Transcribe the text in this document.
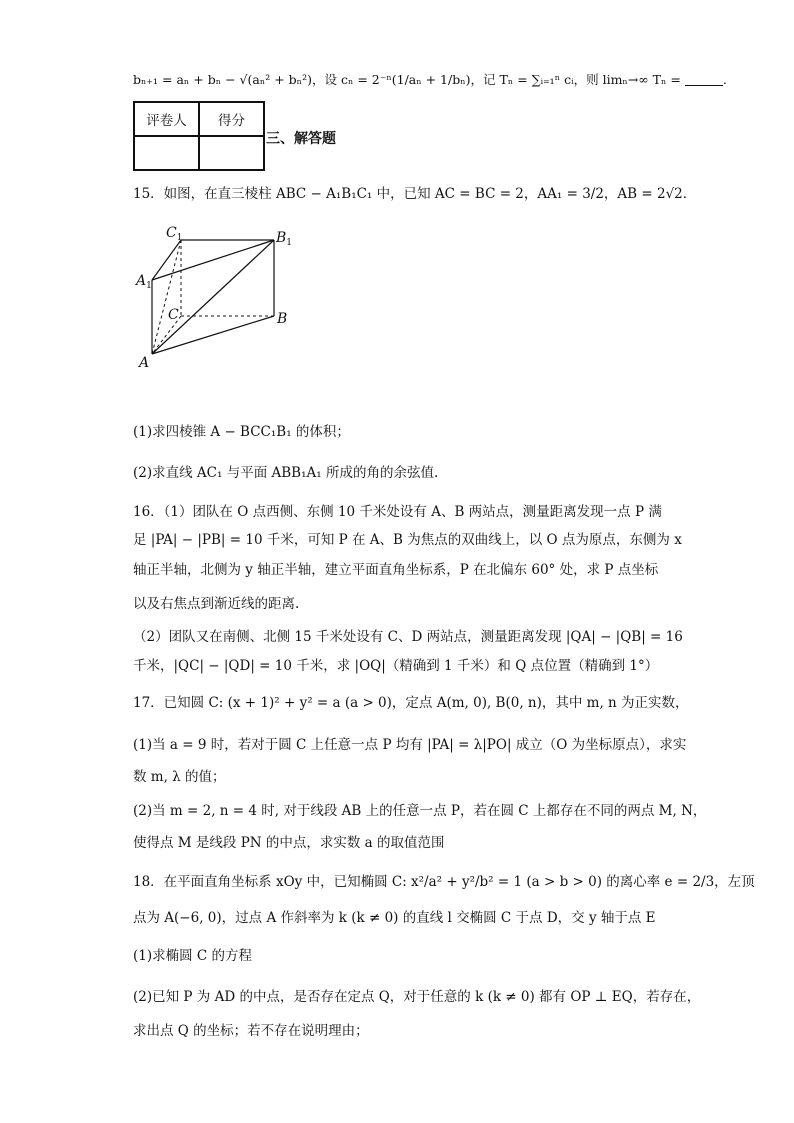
bₙ₊₁ = aₙ + bₙ − √(aₙ² + bₙ²)，设 cₙ = 2⁻ⁿ(1/aₙ + 1/bₙ)，记 Tₙ = ∑ᵢ₌₁ⁿ cᵢ，则 limₙ→∞ Tₙ =	.
评卷人	得分

三、解答题
15．如图，在直三棱柱 ABC − A₁B₁C₁ 中，已知 AC = BC = 2，AA₁ = 3/2，AB = 2√2．
$C_1$	$B_1$
$A_1$
C	B
A
(1)求四棱锥 A − BCC₁B₁ 的体积；
(2)求直线 AC₁ 与平面 ABB₁A₁ 所成的角的余弦值.
16．（1）团队在 O 点西侧、东侧 10 千米处设有 A、B 两站点，测量距离发现一点 P 满
足 |PA| − |PB| = 10 千米，可知 P 在 A、B 为焦点的双曲线上，以 O 点为原点，东侧为 x
轴正半轴，北侧为 y 轴正半轴，建立平面直角坐标系，P 在北偏东 60° 处，求 P 点坐标
以及右焦点到渐近线的距离.
（2）团队又在南侧、北侧 15 千米处设有 C、D 两站点，测量距离发现 |QA| − |QB| = 16
千米，|QC| − |QD| = 10 千米，求 |OQ|（精确到 1 千米）和 Q 点位置（精确到 1°）
17．已知圆 C: (x + 1)² + y² = a (a > 0)，定点 A(m, 0), B(0, n)，其中 m, n 为正实数，
(1)当 a = 9 时，若对于圆 C 上任意一点 P 均有 |PA| = λ|PO| 成立（O 为坐标原点），求实
数 m, λ 的值；
(2)当 m = 2, n = 4 时, 对于线段 AB 上的任意一点 P，若在圆 C 上都存在不同的两点 M, N，
使得点 M 是线段 PN 的中点，求实数 a 的取值范围
18．在平面直角坐标系 xOy 中，已知椭圆 C: x²/a² + y²/b² = 1 (a > b > 0) 的离心率 e = 2/3，左顶
点为 A(−6, 0)，过点 A 作斜率为 k (k ≠ 0) 的直线 l 交椭圆 C 于点 D，交 y 轴于点 E
(1)求椭圆 C 的方程
(2)已知 P 为 AD 的中点，是否存在定点 Q，对于任意的 k (k ≠ 0) 都有 OP ⊥ EQ，若存在，
求出点 Q 的坐标；若不存在说明理由；
